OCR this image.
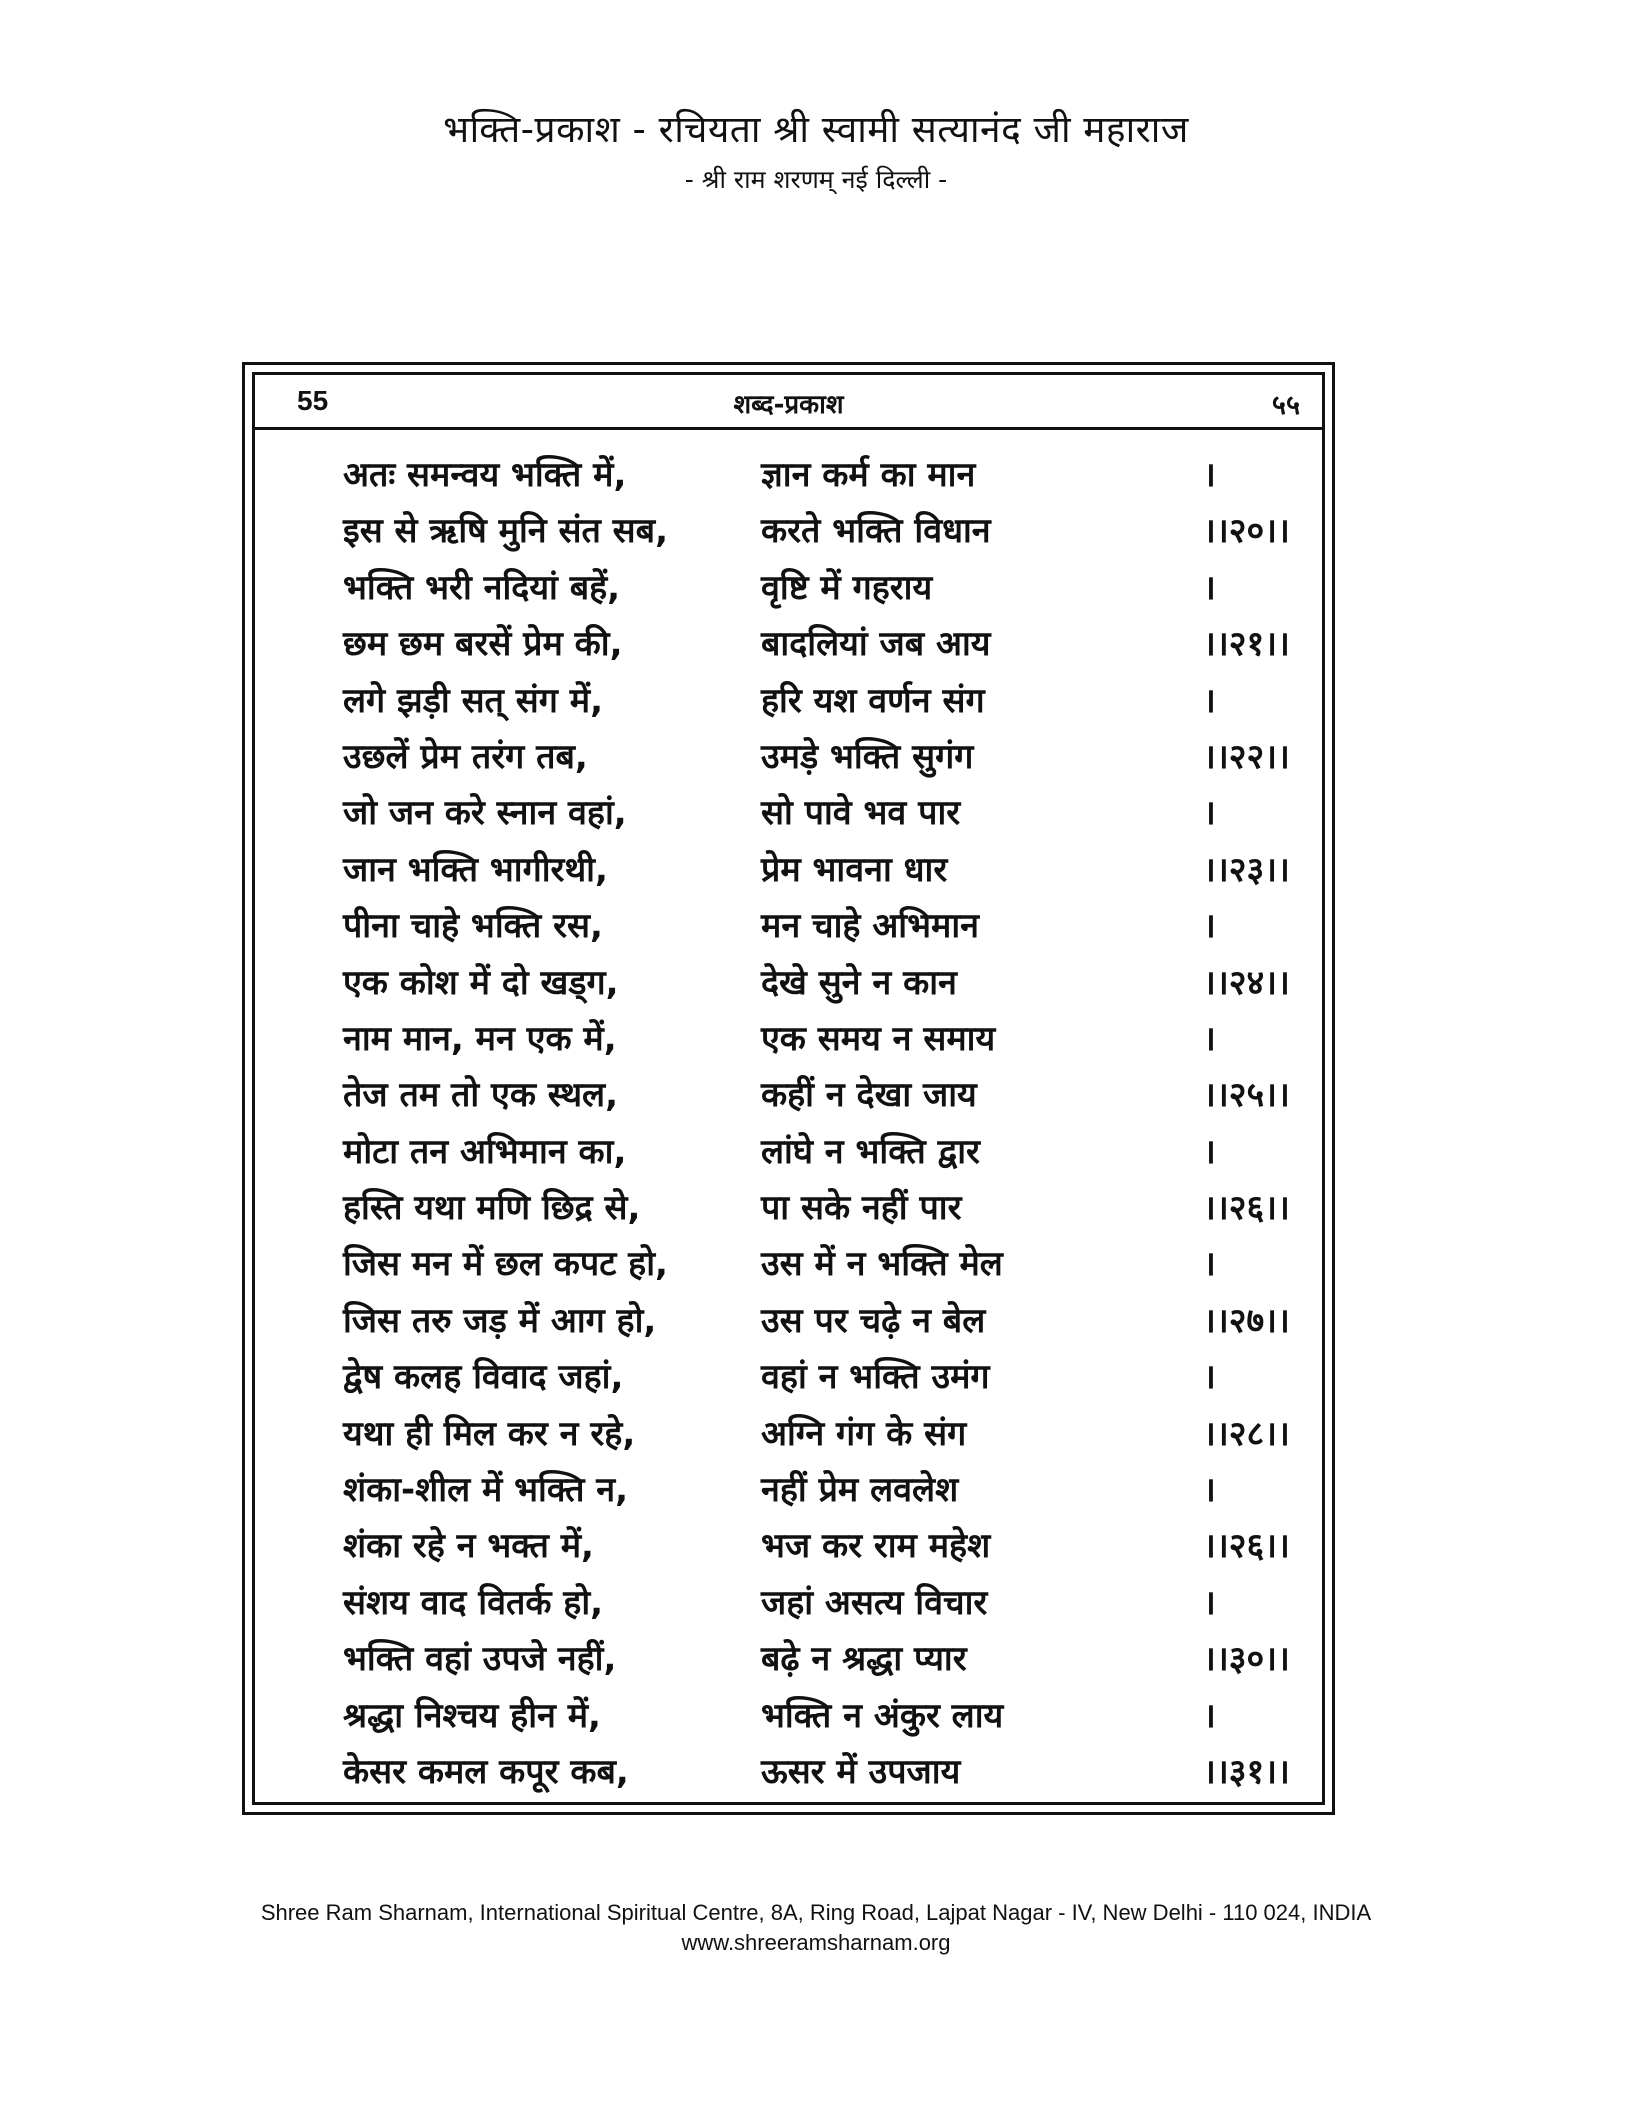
भक्ति-प्रकाश - रचियता श्री स्वामी सत्यानंद जी महाराज
- श्री राम शरणम् नई दिल्ली -
55	शब्द-प्रकाश	५५
अतः समन्वय भक्ति में,	ज्ञान कर्म का मान	।
इस से ऋषि मुनि संत सब,	करते भक्ति विधान	।।२०।।
भक्ति भरी नदियां बहें,	वृष्टि में गहराय	।
छम छम बरसें प्रेम की,	बादलियां जब आय	।।२१।।
लगे झड़ी सत् संग में,	हरि यश वर्णन संग	।
उछलें प्रेम तरंग तब,	उमड़े भक्ति सुगंग	।।२२।।
जो जन करे स्नान वहां,	सो पावे भव पार	।
जान भक्ति भागीरथी,	प्रेम भावना धार	।।२३।।
पीना चाहे भक्ति रस,	मन चाहे अभिमान	।
एक कोश में दो खड्ग,	देखे सुने न कान	।।२४।।
नाम मान, मन एक में,	एक समय न समाय	।
तेज तम तो एक स्थल,	कहीं न देखा जाय	।।२५।।
मोटा तन अभिमान का,	लांघे न भक्ति द्वार	।
हस्ति यथा मणि छिद्र से,	पा सके नहीं पार	।।२६।।
जिस मन में छल कपट हो,	उस में न भक्ति मेल	।
जिस तरु जड़ में आग हो,	उस पर चढ़े न बेल	।।२७।।
द्वेष कलह विवाद जहां,	वहां न भक्ति उमंग	।
यथा ही मिल कर न रहे,	अग्नि गंग के संग	।।२८।।
शंका-शील में भक्ति न,	नहीं प्रेम लवलेश	।
शंका रहे न भक्त में,	भज कर राम महेश	।।२६।।
संशय वाद वितर्क हो,	जहां असत्य विचार	।
भक्ति वहां उपजे नहीं,	बढ़े न श्रद्धा प्यार	।।३०।।
श्रद्धा निश्चय हीन में,	भक्ति न अंकुर लाय	।
केसर कमल कपूर कब,	ऊसर में उपजाय	।।३१।।
Shree Ram Sharnam, International Spiritual Centre, 8A, Ring Road, Lajpat Nagar - IV, New Delhi - 110 024, INDIA
www.shreeramsharnam.org
